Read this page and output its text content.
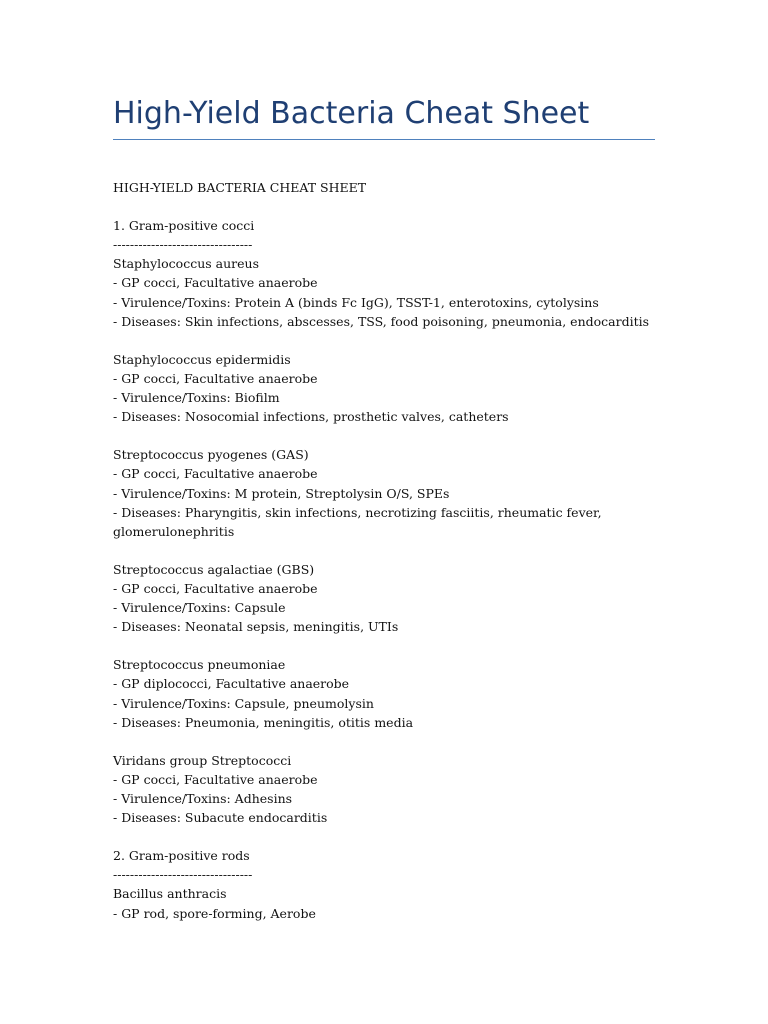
High-Yield Bacteria Cheat Sheet
HIGH-YIELD BACTERIA CHEAT SHEET
1. Gram-positive cocci
---------------------------------
Staphylococcus aureus
- GP cocci, Facultative anaerobe
- Virulence/Toxins: Protein A (binds Fc IgG), TSST-1, enterotoxins, cytolysins
- Diseases: Skin infections, abscesses, TSS, food poisoning, pneumonia, endocarditis
Staphylococcus epidermidis
- GP cocci, Facultative anaerobe
- Virulence/Toxins: Biofilm
- Diseases: Nosocomial infections, prosthetic valves, catheters
Streptococcus pyogenes (GAS)
- GP cocci, Facultative anaerobe
- Virulence/Toxins: M protein, Streptolysin O/S, SPEs
- Diseases: Pharyngitis, skin infections, necrotizing fasciitis, rheumatic fever, glomerulonephritis
Streptococcus agalactiae (GBS)
- GP cocci, Facultative anaerobe
- Virulence/Toxins: Capsule
- Diseases: Neonatal sepsis, meningitis, UTIs
Streptococcus pneumoniae
- GP diplococci, Facultative anaerobe
- Virulence/Toxins: Capsule, pneumolysin
- Diseases: Pneumonia, meningitis, otitis media
Viridans group Streptococci
- GP cocci, Facultative anaerobe
- Virulence/Toxins: Adhesins
- Diseases: Subacute endocarditis
2. Gram-positive rods
---------------------------------
Bacillus anthracis
- GP rod, spore-forming, Aerobe
